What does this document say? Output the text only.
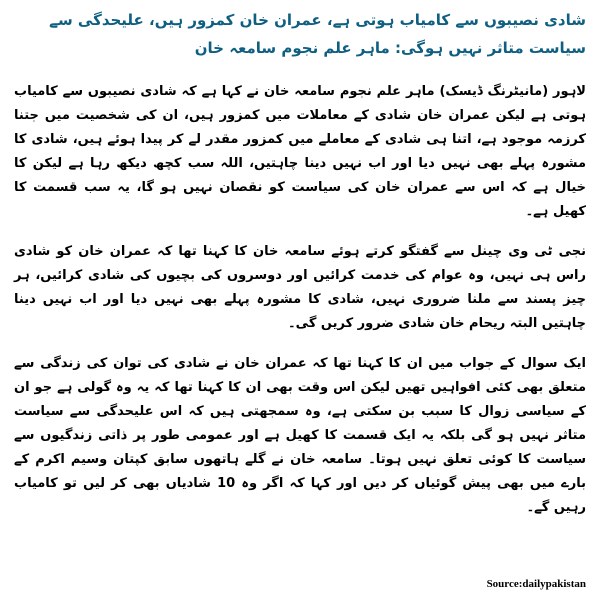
شادی نصیبوں سے کامیاب ہوتی ہے، عمران خان کمزور ہیں، علیحدگی سے سیاست متاثر نہیں ہوگی: ماہر علم نجوم سامعہ خان

لاہور (مانیٹرنگ ڈیسک) ماہر علم نجوم سامعہ خان نے کہا ہے کہ شادی نصیبوں سے کامیاب ہوتی ہے لیکن عمران خان شادی کے معاملات میں کمزور ہیں، ان کی شخصیت میں جتنا کرزمہ موجود ہے، اتنا ہی شادی کے معاملے میں کمزور مقدر لے کر پیدا ہوئے ہیں، شادی کا مشورہ پہلے بھی نہیں دیا اور اب نہیں دینا چاہتیں، اللہ سب کچھ دیکھ رہا ہے لیکن کا خیال ہے کہ اس سے عمران خان کی سیاست کو نقصان نہیں ہو گا، یہ سب قسمت کا کھیل ہے۔

نجی ٹی وی چینل سے گفتگو کرتے ہوئے سامعہ خان کا کہنا تھا کہ عمران خان کو شادی راس ہی نہیں، وہ عوام کی خدمت کرائیں اور دوسروں کی بچیوں کی شادی کرائیں، ہر چیز پسند سے ملنا ضروری نہیں، شادی کا مشورہ پہلے بھی نہیں دیا اور اب نہیں دینا چاہتیں البتہ ریحام خان شادی ضرور کریں گی۔

ایک سوال کے جواب میں ان کا کہنا تھا کہ عمران خان نے شادی کی توان کی زندگی سے متعلق بھی کئی افواہیں تھیں لیکن اس وقت بھی ان کا کہنا تھا کہ یہ وہ گولی ہے جو ان کے سیاسی زوال کا سبب بن سکتی ہے، وہ سمجھتی ہیں کہ اس علیحدگی سے سیاست متاثر نہیں ہو گی بلکہ یہ ایک قسمت کا کھیل ہے اور عمومی طور پر ذاتی زندگیوں سے سیاست کا کوئی تعلق نہیں ہوتا۔ سامعہ خان نے گلے ہاتھوں سابق کپتان وسیم اکرم کے بارے میں بھی پیش گوئیاں کر دیں اور کہا کہ اگر وہ 10 شادیاں بھی کر لیں تو کامیاب رہیں گے۔

Source:dailypakistan
